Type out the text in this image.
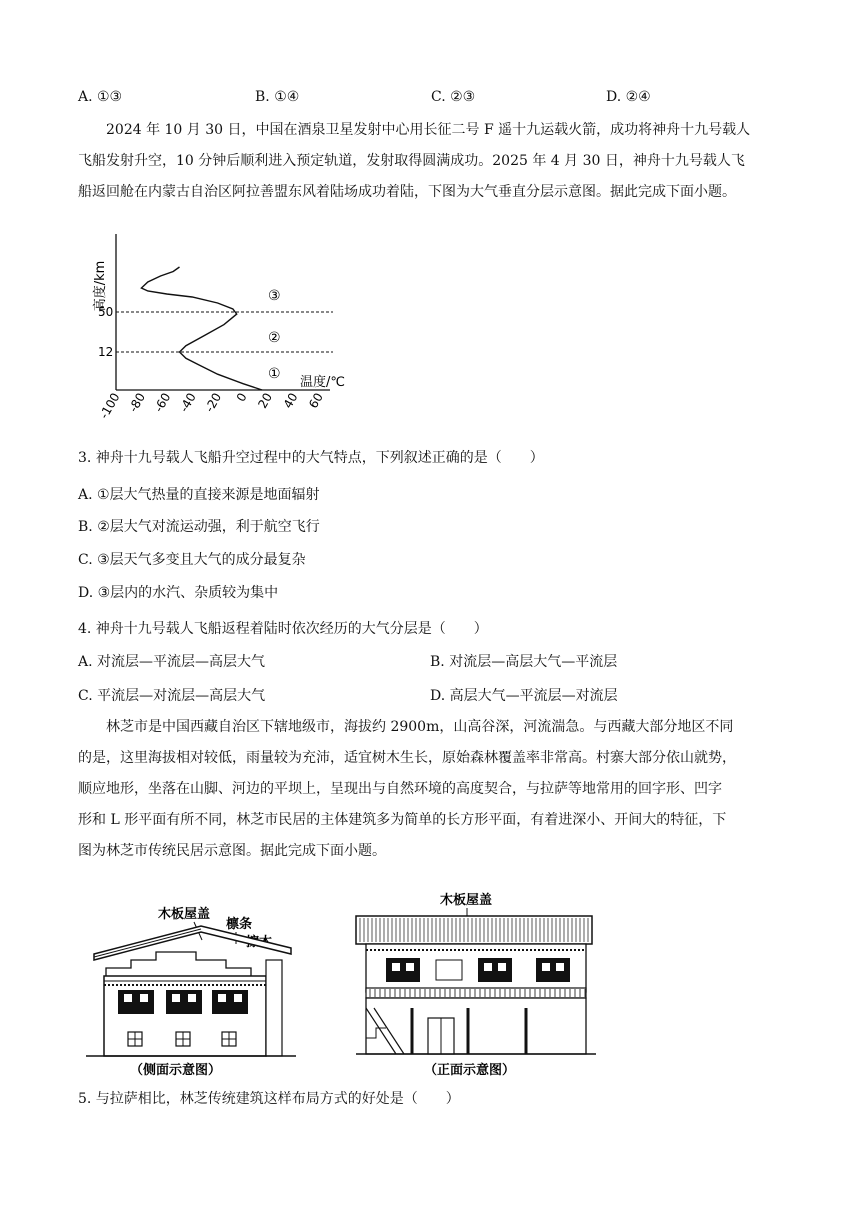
A. ①③	B. ①④	C. ②③	D. ②④
2024 年 10 月 30 日，中国在酒泉卫星发射中心用长征二号 F 遥十九运载火箭，成功将神舟十九号载人
飞船发射升空，10 分钟后顺利进入预定轨道，发射取得圆满成功。2025 年 4 月 30 日，神舟十九号载人飞
船返回舱在内蒙古自治区阿拉善盟东风着陆场成功着陆，下图为大气垂直分层示意图。据此完成下面小题。
高度/km
50
12
③
②
①
温度/℃
-100 -80 -60 -40 -20 0 20 40 60
3. 神舟十九号载人飞船升空过程中的大气特点，下列叙述正确的是（　　）
A. ①层大气热量的直接来源是地面辐射
B. ②层大气对流运动强，利于航空飞行
C. ③层天气多变且大气的成分最复杂
D. ③层内的水汽、杂质较为集中
4. 神舟十九号载人飞船返程着陆时依次经历的大气分层是（　　）
A. 对流层—平流层—高层大气	B. 对流层—高层大气—平流层
C. 平流层—对流层—高层大气	D. 高层大气—平流层—对流层
林芝市是中国西藏自治区下辖地级市，海拔约 2900m，山高谷深，河流湍急。与西藏大部分地区不同
的是，这里海拔相对较低，雨量较为充沛，适宜树木生长，原始森林覆盖率非常高。村寨大部分依山就势，
顺应地形，坐落在山脚、河边的平坝上，呈现出与自然环境的高度契合，与拉萨等地常用的回字形、凹字
形和 L 形平面有所不同，林芝市民居的主体建筑多为简单的长方形平面，有着进深小、开间大的特征，下
图为林芝市传统民居示意图。据此完成下面小题。
木板屋盖
檩条
（侧面示意图）
木板屋盖
（正面示意图）
5. 与拉萨相比，林芝传统建筑这样布局方式的好处是（　　）
